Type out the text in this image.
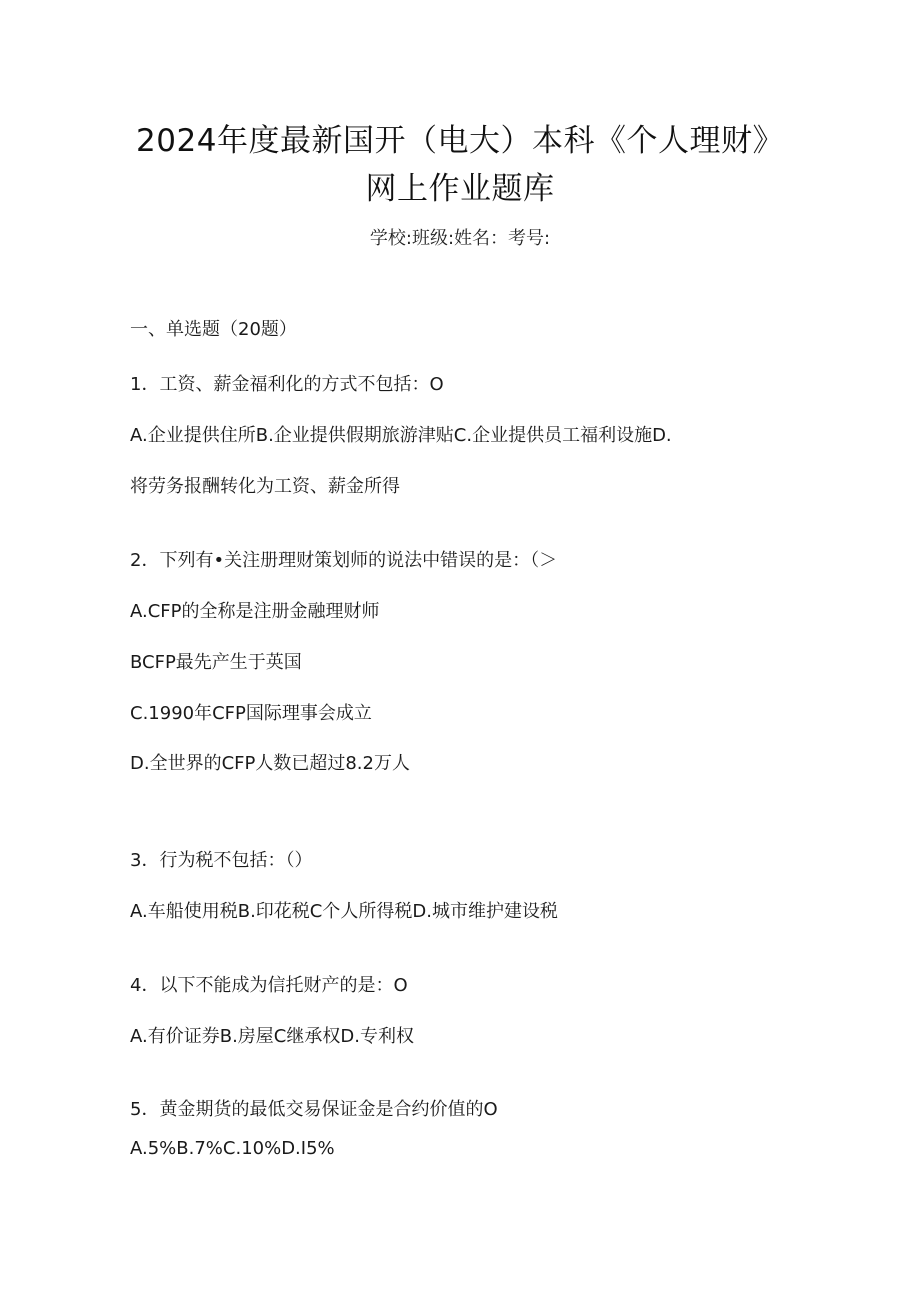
2024年度最新国开（电大）本科《个人理财》
网上作业题库
学校:班级:姓名：考号:
一、单选题（20题）
1．工资、薪金福利化的方式不包括：O
A.企业提供住所B.企业提供假期旅游津贴C.企业提供员工福利设施D.
将劳务报酬转化为工资、薪金所得
2．下列有•关注册理财策划师的说法中错误的是：（＞
A.CFP的全称是注册金融理财师
BCFP最先产生于英国
C.1990年CFP国际理事会成立
D.全世界的CFP人数已超过8.2万人
3．行为税不包括：（）
A.车船使用税B.印花税C个人所得税D.城市维护建设税
4．以下不能成为信托财产的是：O
A.有价证券B.房屋C继承权D.专利权
5．黄金期货的最低交易保证金是合约价值的O
A.5%B.7%C.10%D.I5%
